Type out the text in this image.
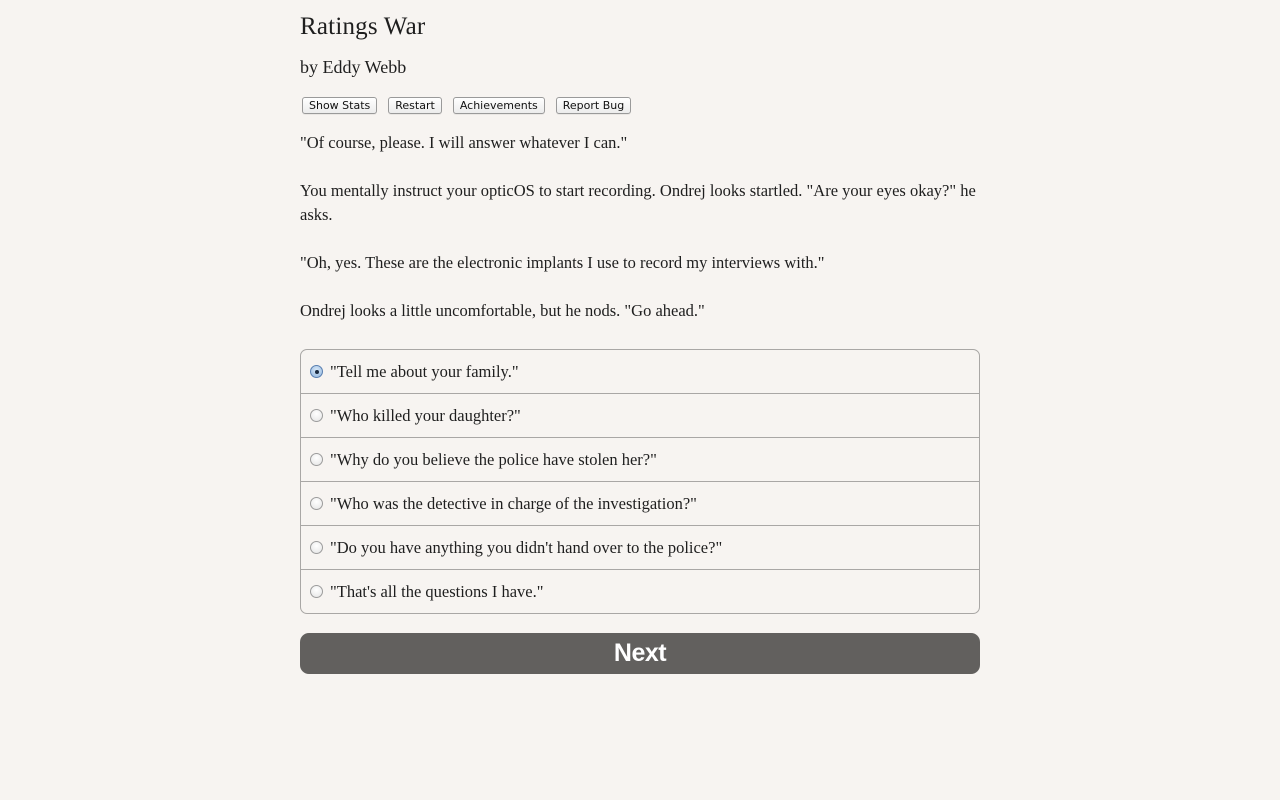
Ratings War
by Eddy Webb
Show Stats	Restart	Achievements	Report Bug

"Of course, please. I will answer whatever I can."

You mentally instruct your opticOS to start recording. Ondrej looks startled. "Are your eyes okay?" he asks.

"Oh, yes. These are the electronic implants I use to record my interviews with."

Ondrej looks a little uncomfortable, but he nods. "Go ahead."

"Tell me about your family."
"Who killed your daughter?"
"Why do you believe the police have stolen her?"
"Who was the detective in charge of the investigation?"
"Do you have anything you didn't hand over to the police?"
"That's all the questions I have."
Next
